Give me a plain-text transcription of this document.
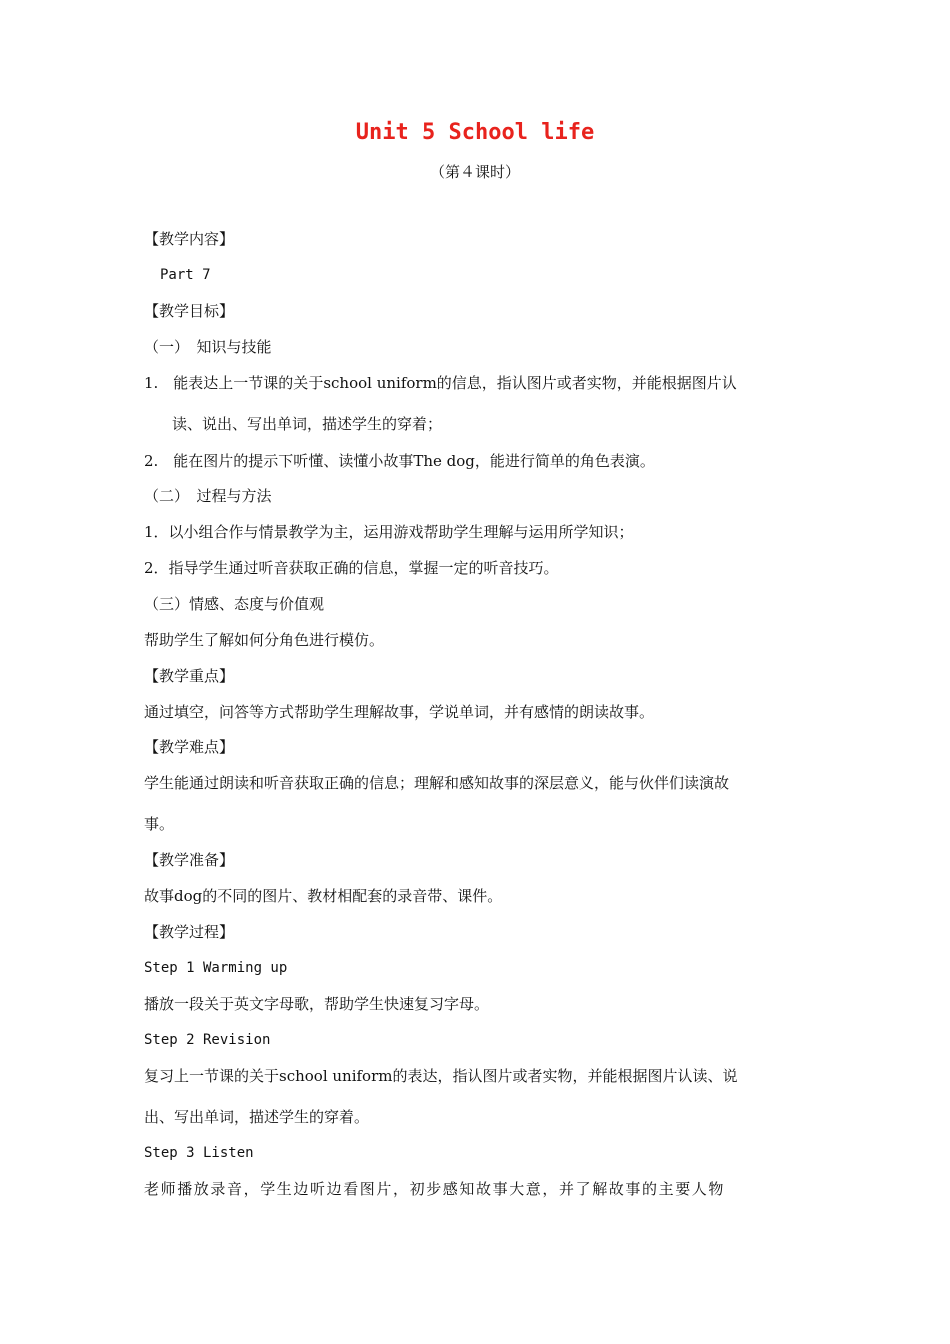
Unit 5 School life
（第４课时）
【教学内容】
Part 7
【教学目标】
（一）　知识与技能
1.　能表达上一节课的关于school uniform的信息，指认图片或者实物，并能根据图片认
读、说出、写出单词，描述学生的穿着；
2.　能在图片的提示下听懂、读懂小故事The dog，能进行简单的角色表演。
（二）　过程与方法
1．以小组合作与情景教学为主，运用游戏帮助学生理解与运用所学知识；
2．指导学生通过听音获取正确的信息，掌握一定的听音技巧。
（三）情感、态度与价值观
帮助学生了解如何分角色进行模仿。
【教学重点】
通过填空，问答等方式帮助学生理解故事，学说单词，并有感情的朗读故事。
【教学难点】
学生能通过朗读和听音获取正确的信息；理解和感知故事的深层意义，能与伙伴们读演故
事。
【教学准备】
故事dog的不同的图片、教材相配套的录音带、课件。
【教学过程】
Step 1 Warming up
播放一段关于英文字母歌，帮助学生快速复习字母。
Step 2 Revision
复习上一节课的关于school uniform的表达，指认图片或者实物，并能根据图片认读、说
出、写出单词，描述学生的穿着。
Step 3 Listen
老师播放录音，学生边听边看图片，初步感知故事大意，并了解故事的主要人物
